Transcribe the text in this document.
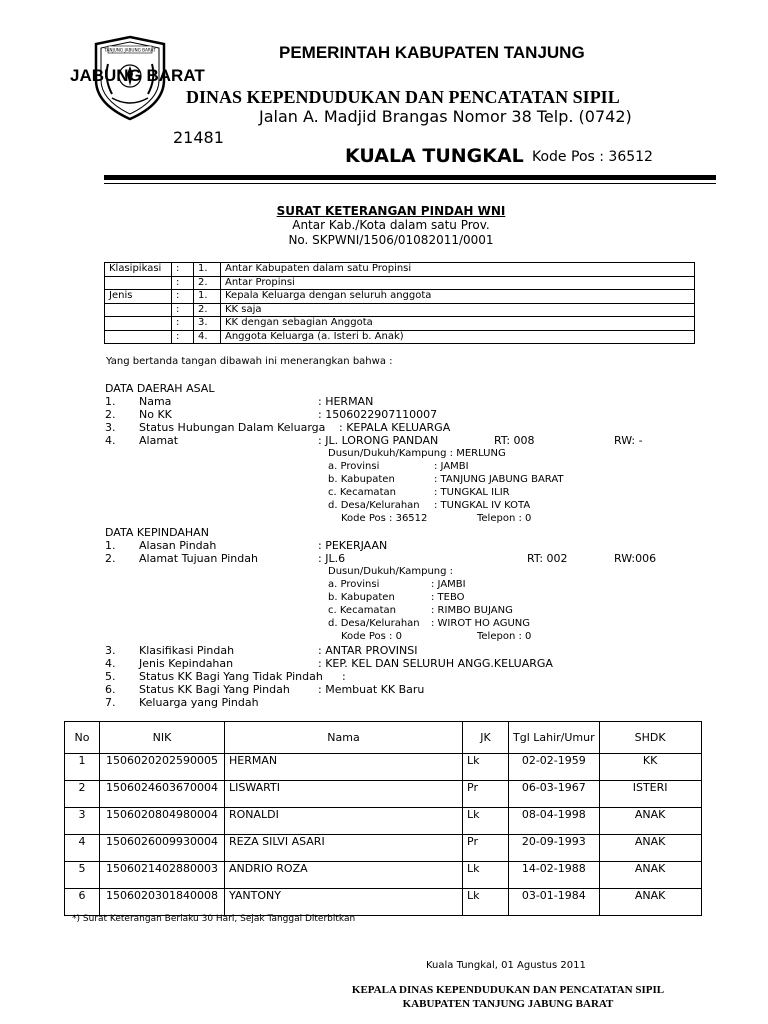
TANJUNG JABUNG BARAT	PEMERINTAH KABUPATEN TANJUNG
JABUNG BARAT
DINAS KEPENDUDUKAN DAN PENCATATAN SIPIL
Jalan A. Madjid Brangas Nomor 38 Telp. (0742)
21481
KUALA TUNGKAL Kode Pos : 36512
SURAT KETERANGAN PINDAH WNI
Antar Kab./Kota dalam satu Prov.
No. SKPWNI/1506/01082011/0001
Klasipikasi	:	1.	Antar Kabupaten dalam satu Propinsi
	:	2.	Antar Propinsi
Jenis	:	1.	Kepala Keluarga dengan seluruh anggota
	:	2.	KK saja
	:	3.	KK dengan sebagian Anggota
	:	4.	Anggota Keluarga (a. Isteri b. Anak)
Yang bertanda tangan dibawah ini menerangkan bahwa :
DATA DAERAH ASAL
1. Nama	: HERMAN
2. No KK	: 1506022907110007
3. Status Hubungan Dalam Keluarga : KEPALA KELUARGA
4. Alamat	: JL. LORONG PANDAN	RT: 008	RW: -
Dusun/Dukuh/Kampung : MERLUNG
a. Provinsi	: JAMBI
b. Kabupaten	: TANJUNG JABUNG BARAT
c. Kecamatan	: TUNGKAL ILIR
d. Desa/Kelurahan : TUNGKAL IV KOTA
Kode Pos : 36512	Telepon : 0
DATA KEPINDAHAN
1. Alasan Pindah	: PEKERJAAN
2. Alamat Tujuan Pindah	: JL.6	RT: 002	RW:006
Dusun/Dukuh/Kampung :
a. Provinsi	: JAMBI
b. Kabupaten	: TEBO
c. Kecamatan	: RIMBO BUJANG
d. Desa/Kelurahan : WIROT HO AGUNG
Kode Pos : 0	Telepon : 0
3. Klasifikasi Pindah	: ANTAR PROVINSI
4. Jenis Kepindahan	: KEP. KEL DAN SELURUH ANGG.KELUARGA
5. Status KK Bagi Yang Tidak Pindah :
6. Status KK Bagi Yang Pindah	: Membuat KK Baru
7. Keluarga yang Pindah
No	NIK	Nama	JK	Tgl Lahir/Umur	SHDK
1	1506020202590005	HERMAN	Lk	02-02-1959	KK
2	1506024603670004	LISWARTI	Pr	06-03-1967	ISTERI
3	1506020804980004	RONALDI	Lk	08-04-1998	ANAK
4	1506026009930004	REZA SILVI ASARI	Pr	20-09-1993	ANAK
5	1506021402880003	ANDRIO ROZA	Lk	14-02-1988	ANAK
6	1506020301840008	YANTONY	Lk	03-01-1984	ANAK
*) Surat Keterangan Berlaku 30 Hari, Sejak Tanggal Diterbitkan
Kuala Tungkal, 01 Agustus 2011
KEPALA DINAS KEPENDUDUKAN DAN PENCATATAN SIPIL
KABUPATEN TANJUNG JABUNG BARAT
